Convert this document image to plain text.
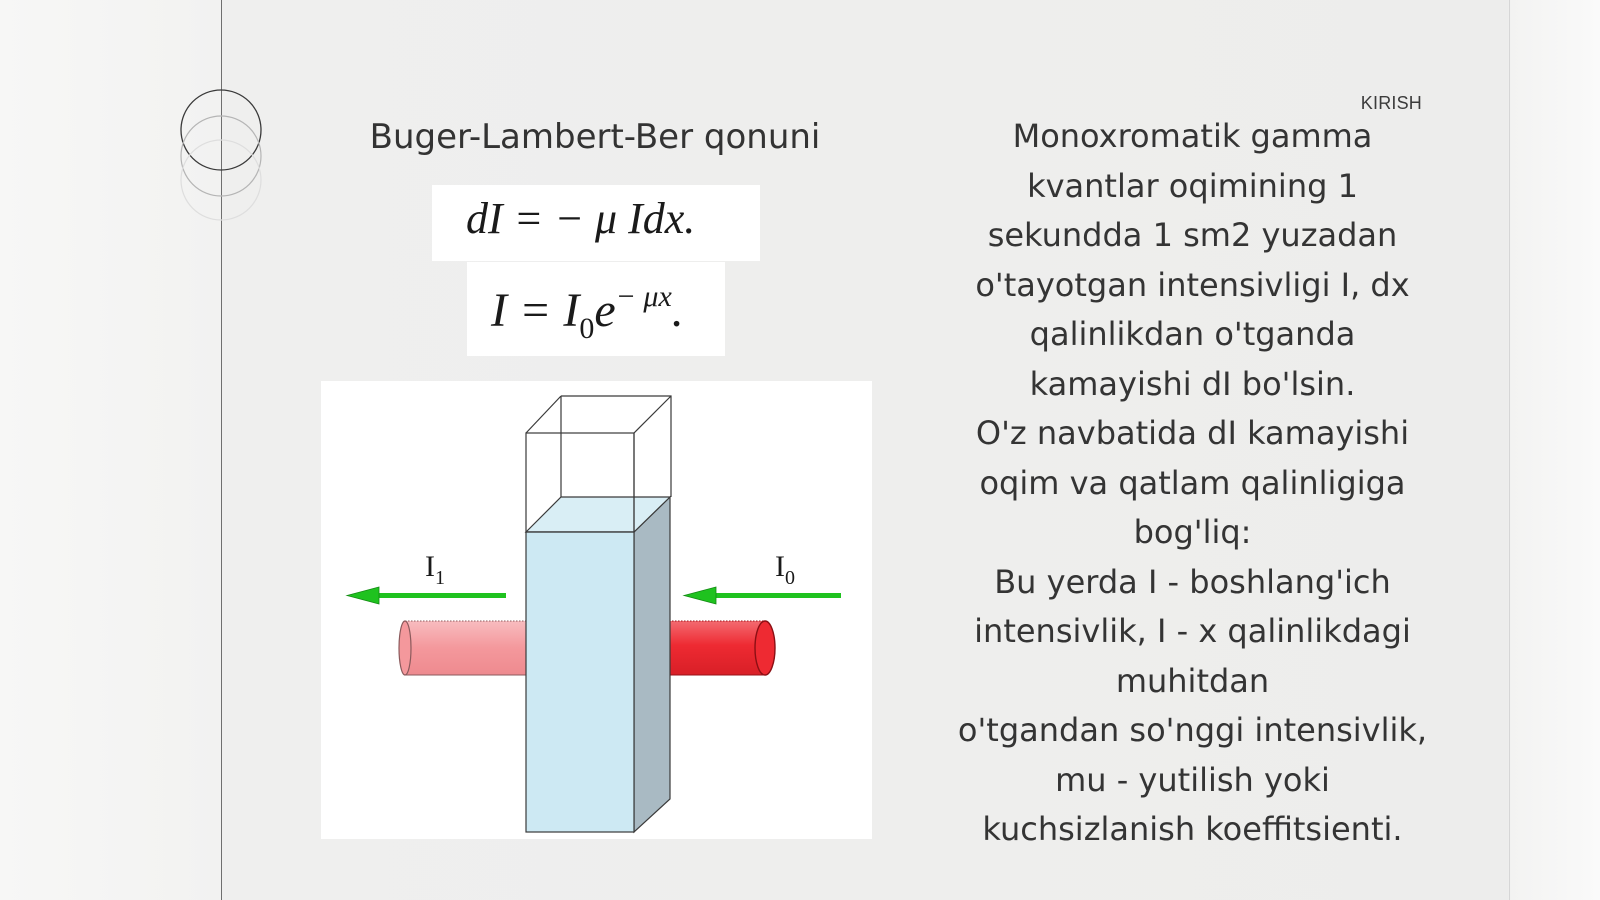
KIRISH
Buger-Lambert-Ber qonuni
dI = − μ Idx.
$I = I_0e^{- \mu x}$.
$I_0$
$I_1$
Monoxromatik gamma
kvantlar oqimining 1
sekundda 1 sm2 yuzadan
o'tayotgan intensivligi I, dx
qalinlikdan o'tganda
kamayishi dI bo'lsin.
O'z navbatida dI kamayishi
oqim va qatlam qalinligiga
bog'liq:
Bu yerda I - boshlang'ich
intensivlik, I - x qalinlikdagi
muhitdan
o'tgandan so'nggi intensivlik,
mu - yutilish yoki
kuchsizlanish koeffitsienti.
